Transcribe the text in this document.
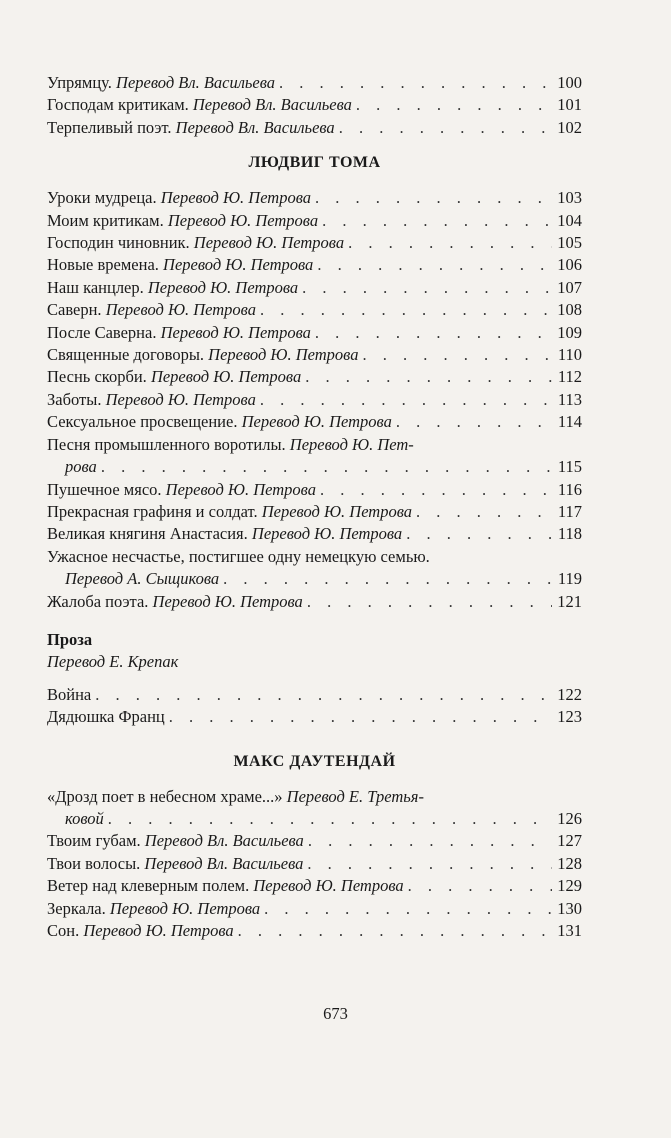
Упрямцу. Перевод Вл. Васильева . . .	100
Господам критикам. Перевод Вл. Васильева . . .	101
Терпеливый поэт. Перевод Вл. Васильева . . .	102
ЛЮДВИГ ТОМА
Уроки мудреца. Перевод Ю. Петрова . . .	103
Моим критикам. Перевод Ю. Петрова . . .	104
Господин чиновник. Перевод Ю. Петрова . . .	105
Новые времена. Перевод Ю. Петрова . . .	106
Наш канцлер. Перевод Ю. Петрова . . .	107
Саверн. Перевод Ю. Петрова . . .	108
После Саверна. Перевод Ю. Петрова . . .	109
Священные договоры. Перевод Ю. Петрова . . .	110
Песнь скорби. Перевод Ю. Петрова . . .	112
Заботы. Перевод Ю. Петрова . . .	113
Сексуальное просвещение. Перевод Ю. Петрова . . .	114
Песня промышленного воротилы. Перевод Ю. Пет-
рова . . .	115
Пушечное мясо. Перевод Ю. Петрова . . .	116
Прекрасная графиня и солдат. Перевод Ю. Петрова . . .	117
Великая княгиня Анастасия. Перевод Ю. Петрова . . .	118
Ужасное несчастье, постигшее одну немецкую семью.
Перевод А. Сыщикова . . .	119
Жалоба поэта. Перевод Ю. Петрова . . .	121
Проза
Перевод Е. Крепак
Война . . .	122
Дядюшка Франц . . .	123
МАКС ДАУТЕНДАЙ
«Дрозд поет в небесном храме...» Перевод Е. Третья-
ковой . . .	126
Твоим губам. Перевод Вл. Васильева . . .	127
Твои волосы. Перевод Вл. Васильева . . .	128
Ветер над клеверным полем. Перевод Ю. Петрова . . .	129
Зеркала. Перевод Ю. Петрова . . .	130
Сон. Перевод Ю. Петрова . . .	131
673
